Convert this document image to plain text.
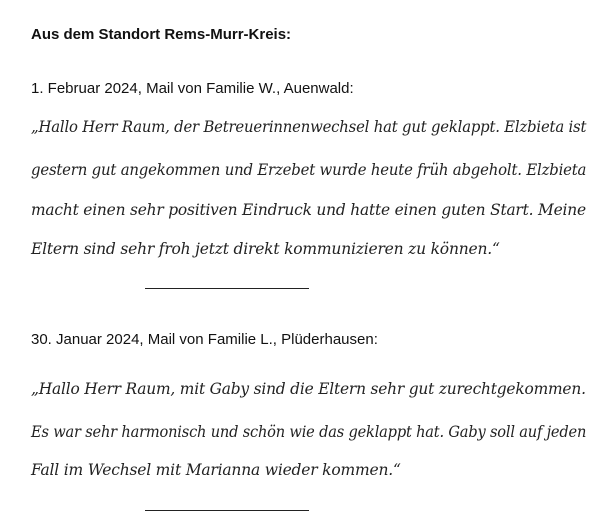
Aus dem Standort Rems-Murr-Kreis:
1. Februar 2024, Mail von Familie W., Auenwald:
„Hallo Herr Raum, der Betreuerinnenwechsel hat gut geklappt. Elzbieta ist
gestern gut angekommen und Erzebet wurde heute früh abgeholt. Elzbieta
macht einen sehr positiven Eindruck und hatte einen guten Start. Meine
Eltern sind sehr froh jetzt direkt kommunizieren zu können.“
30. Januar 2024, Mail von Familie L., Plüderhausen:
„Hallo Herr Raum, mit Gaby sind die Eltern sehr gut zurechtgekommen.
Es war sehr harmonisch und schön wie das geklappt hat. Gaby soll auf jeden
Fall im Wechsel mit Marianna wieder kommen.“
